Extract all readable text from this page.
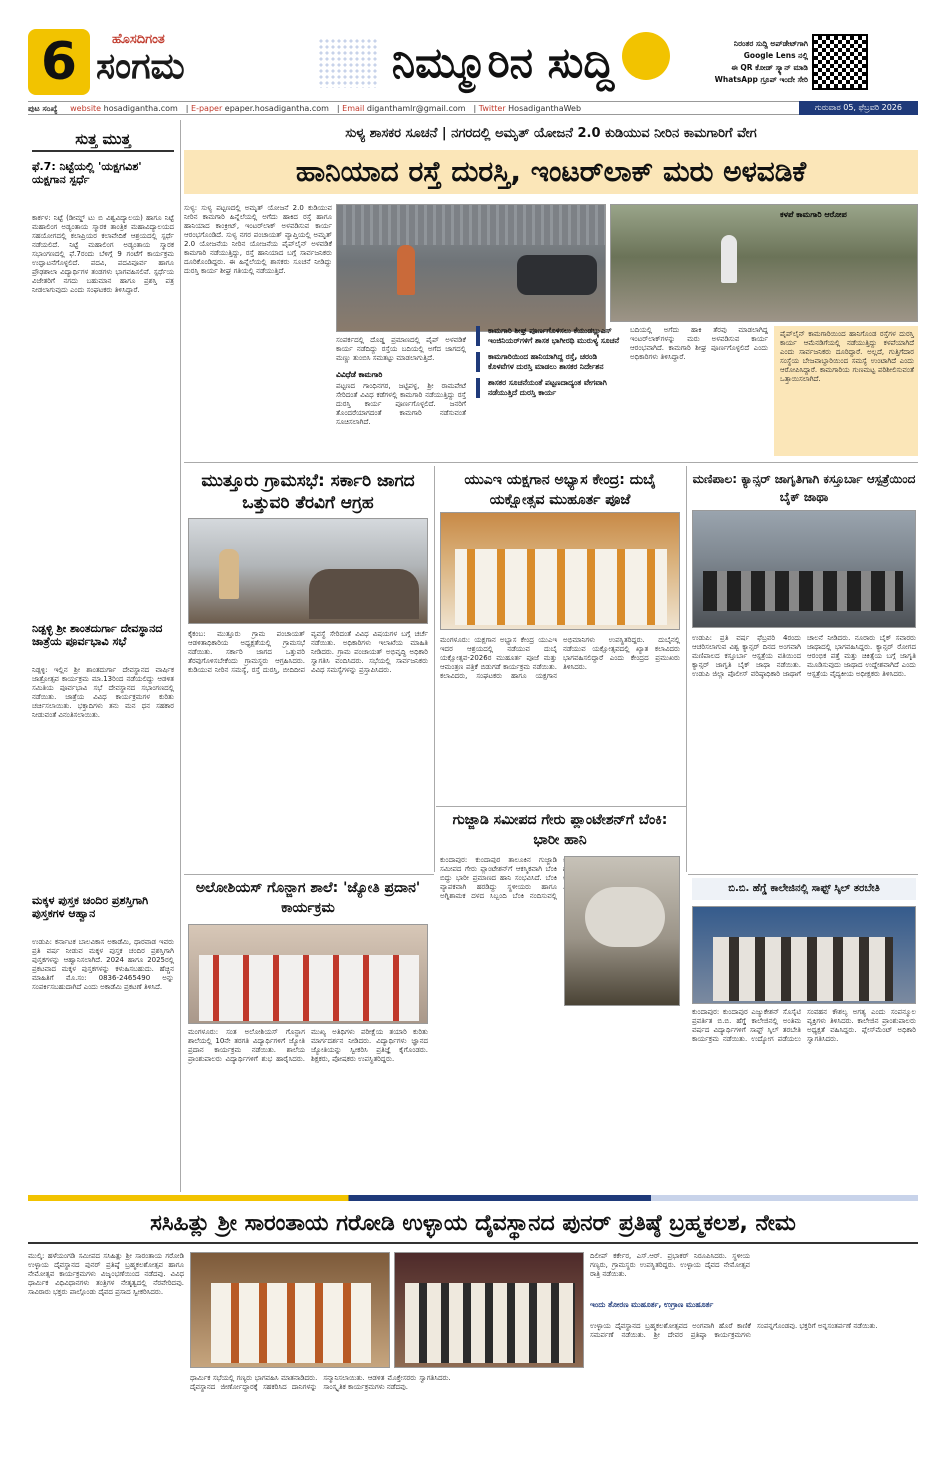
6	ಹೊಸದಿಗಂತ
ಸಂಗಮ	ನಿಮ್ಮೂರಿನ ಸುದ್ದಿ	ನಿರಂತರ ಸುದ್ದಿ ಅಪ್‌ಡೇಟ್‌ಗಾಗಿ
Google Lens ನಲ್ಲಿ
ಈ QR ಕೋಡ್ ಸ್ಕ್ಯಾನ್ ಮಾಡಿ
WhatsApp ಗ್ರೂಪ್ ಇಂದೇ ಸೇರಿ
ಪುಟ ಸಂಖ್ಯೆ website hosadigantha.com | E-paper epaper.hosadigantha.com | Email diganthamlr@gmail.com | Twitter HosadiganthaWeb	ಗುರುವಾರ 05, ಫೆಬ್ರವರಿ 2026
ಸುತ್ತ ಮುತ್ತ
ಫೆ.7: ನಿಟ್ಟೆಯಲ್ಲಿ 'ಯಕ್ಷಗವಿಶ' ಯಕ್ಷಗಾನ ಸ್ಪರ್ಧೆ
ಕಾರ್ಕಳ: ನಿಟ್ಟೆ (ಡೀಮ್ಡ್ ಟು ಬಿ ವಿಶ್ವವಿದ್ಯಾಲಯ) ಹಾಗೂ ನಿಟ್ಟೆ ಮಹಾಲಿಂಗ ಅಡ್ಯಂತಾಯ ಸ್ಮಾರಕ ತಾಂತ್ರಿಕ ಮಹಾವಿದ್ಯಾಲಯದ ಸಹಯೋಗದಲ್ಲಿ ಕಲಾಪ್ರಿಯರ ಕಲಾವೇದಿಕೆ ಆಶ್ರಯದಲ್ಲಿ ಸ್ಪರ್ಧೆ ನಡೆಯಲಿದೆ. ನಿಟ್ಟೆ ಮಹಾಲಿಂಗ ಅಡ್ಯಂತಾಯ ಸ್ಮಾರಕ ಸಭಾಂಗಣದಲ್ಲಿ ಫೆ.7ರಂದು ಬೆಳಿಗ್ಗೆ 9 ಗಂಟೆಗೆ ಕಾರ್ಯಕ್ರಮ ಉದ್ಘಾಟನೆಗೊಳ್ಳಲಿದೆ. ಪದವಿ, ಪದವಿಪೂರ್ವ ಹಾಗೂ ಪ್ರೌಢಶಾಲಾ ವಿದ್ಯಾರ್ಥಿಗಳ ತಂಡಗಳು ಭಾಗವಹಿಸಲಿವೆ. ಸ್ಪರ್ಧೆಯ ವಿಜೇತರಿಗೆ ನಗದು ಬಹುಮಾನ ಹಾಗೂ ಪ್ರಶಸ್ತಿ ಪತ್ರ ನೀಡಲಾಗುವುದು ಎಂದು ಸಂಘಟಕರು ತಿಳಿಸಿದ್ದಾರೆ.
ನಿಡ್ಪಳ್ಳಿ ಶ್ರೀ ಶಾಂತದುರ್ಗಾ ದೇವಸ್ಥಾನದ ಜಾತ್ರೆಯ ಪೂರ್ವಭಾವಿ ಸಭೆ
ನಿಡ್ಪಳ್ಳಿ: ಇಲ್ಲಿನ ಶ್ರೀ ಶಾಂತದುರ್ಗಾ ದೇವಸ್ಥಾನದ ವಾರ್ಷಿಕ ಜಾತ್ರೋತ್ಸವ ಕಾರ್ಯಕ್ರಮ ಮಾ.13ರಿಂದ ನಡೆಯಲಿದ್ದು ಆಡಳಿತ ಸಮಿತಿಯ ಪೂರ್ವಭಾವಿ ಸಭೆ ದೇವಸ್ಥಾನದ ಸಭಾಂಗಣದಲ್ಲಿ ನಡೆಯಿತು. ಜಾತ್ರೆಯ ವಿವಿಧ ಕಾರ್ಯಕ್ರಮಗಳ ಕುರಿತು ಚರ್ಚಿಸಲಾಯಿತು. ಭಕ್ತಾದಿಗಳು ತನು ಮನ ಧನ ಸಹಕಾರ ನೀಡುವಂತೆ ವಿನಂತಿಸಲಾಯಿತು.
ಮಕ್ಕಳ ಪುಸ್ತಕ ಚಂದಿರ ಪ್ರಶಸ್ತಿಗಾಗಿ ಪುಸ್ತಕಗಳ ಆಹ್ವಾನ
ಉಡುಪಿ: ಕರ್ನಾಟಕ ಬಾಲವಿಕಾಸ ಅಕಾಡೆಮಿ, ಧಾರವಾಡ ಇವರು ಪ್ರತಿ ವರ್ಷ ನೀಡುವ ಮಕ್ಕಳ ಪುಸ್ತಕ ಚಂದಿರ ಪ್ರಶಸ್ತಿಗಾಗಿ ಪುಸ್ತಕಗಳನ್ನು ಆಹ್ವಾನಿಸಲಾಗಿದೆ. 2024 ಹಾಗೂ 2025ರಲ್ಲಿ ಪ್ರಕಟವಾದ ಮಕ್ಕಳ ಪುಸ್ತಕಗಳನ್ನು ಕಳುಹಿಸಬಹುದು. ಹೆಚ್ಚಿನ ಮಾಹಿತಿಗೆ ಮೊ.ಸಂ: 0836-2465490 ಅನ್ನು ಸಂಪರ್ಕಿಸಬಹುದಾಗಿದೆ ಎಂದು ಅಕಾಡೆಮಿ ಪ್ರಕಟಣೆ ತಿಳಿಸಿದೆ.
ಸುಳ್ಯ ಶಾಸಕರ ಸೂಚನೆ | ನಗರದಲ್ಲಿ ಅಮೃತ್ ಯೋಜನೆ 2.0 ಕುಡಿಯುವ ನೀರಿನ ಕಾಮಗಾರಿಗೆ ವೇಗ
ಹಾನಿಯಾದ ರಸ್ತೆ ದುರಸ್ತಿ, ಇಂಟರ್‌ಲಾಕ್ ಮರು ಅಳವಡಿಕೆ
ಸುಳ್ಯ: ಸುಳ್ಯ ಪಟ್ಟಣದಲ್ಲಿ ಅಮೃತ್ ಯೋಜನೆ 2.0 ಕುಡಿಯುವ ನೀರಿನ ಕಾಮಗಾರಿ ಹಿನ್ನೆಲೆಯಲ್ಲಿ ಅಗೆದು ಹಾಕಿದ ರಸ್ತೆ ಹಾಗೂ ಹಾನಿಯಾದ ಕಾಂಕ್ರೀಟ್, ಇಂಟರ್‌ಲಾಕ್ ಅಳವಡಿಸುವ ಕಾರ್ಯ ಆರಂಭಗೊಂಡಿದೆ. ಸುಳ್ಯ ನಗರ ಪಂಚಾಯತ್ ವ್ಯಾಪ್ತಿಯಲ್ಲಿ ಅಮೃತ್ 2.0 ಯೋಜನೆಯ ನೀರಿನ ಯೋಜನೆಯ ಪೈಪ್‌ಲೈನ್ ಅಳವಡಿಕೆ ಕಾಮಗಾರಿ ನಡೆಯುತ್ತಿದ್ದು, ರಸ್ತೆ ಹಾನಿಯಾದ ಬಗ್ಗೆ ಸಾರ್ವಜನಿಕರು ದೂರಿಕೊಂಡಿದ್ದರು. ಈ ಹಿನ್ನೆಲೆಯಲ್ಲಿ ಶಾಸಕರು ಸೂಚನೆ ನೀಡಿದ್ದು ದುರಸ್ತಿ ಕಾರ್ಯ ಶೀಘ್ರ ಗತಿಯಲ್ಲಿ ನಡೆಯುತ್ತಿದೆ.
ಸಂಪರ್ಕದಲ್ಲಿ ದೊಡ್ಡ ಪ್ರಮಾಣದಲ್ಲಿ ಪೈಪ್ ಅಳವಡಿಕೆ ಕಾರ್ಯ ನಡೆದಿದ್ದು ರಸ್ತೆಯ ಬದಿಯಲ್ಲಿ ಅಗೆದ ಜಾಗದಲ್ಲಿ ಮಣ್ಣು ತುಂಬಿಸಿ ಸಮತಟ್ಟು ಮಾಡಲಾಗುತ್ತಿದೆ.
ವಿವಿಧೆಡೆ ಕಾಮಗಾರಿ
ಪಟ್ಟಣದ ಗಾಂಧಿನಗರ, ಜಟ್ಟಿಪಳ್ಳ, ಶ್ರೀ ರಾಮಪೇಟೆ ಸೇರಿದಂತೆ ವಿವಿಧ ಕಡೆಗಳಲ್ಲಿ ಕಾಮಗಾರಿ ನಡೆಯುತ್ತಿದ್ದು ರಸ್ತೆ ದುರಸ್ತಿ ಕಾರ್ಯ ಪೂರ್ಣಗೊಳ್ಳಲಿದೆ. ಜನರಿಗೆ ತೊಂದರೆಯಾಗದಂತೆ ಕಾಮಗಾರಿ ನಡೆಸುವಂತೆ ಸೂಚಿಸಲಾಗಿದೆ.
ಕಾಮಗಾರಿ ಶೀಘ್ರ ಪೂರ್ಣಗೊಳಿಸಲು ಕೆಯುಡಬ್ಲ್ಯುಎಸ್ ಇಂಜಿನಿಯರ್‌ಗಳಿಗೆ ಶಾಸಕ ಭಾಗೀರಥಿ ಮುರುಳ್ಯ ಸೂಚನೆ
ಕಾಮಗಾರಿಯಿಂದ ಹಾನಿಯಾಗಿದ್ದ ರಸ್ತೆ, ಚರಂಡಿ ಕೊಳವೆಗಳ ದುರಸ್ತಿ ಮಾಡಲು ಶಾಸಕರ ನಿರ್ದೇಶನ
ಶಾಸಕರ ಸೂಚನೆಯಂತೆ ಪಟ್ಟಣದಾದ್ಯಂತ ವೇಗವಾಗಿ ನಡೆಯುತ್ತಿದೆ ದುರಸ್ತಿ ಕಾರ್ಯ
ಬದಿಯಲ್ಲಿ ಅಗೆದು ಹಾಕಿ ತೆರವು ಮಾಡಲಾಗಿದ್ದ ಇಂಟರ್‌ಲಾಕ್‌ಗಳನ್ನು ಮರು ಅಳವಡಿಸುವ ಕಾರ್ಯ ಆರಂಭವಾಗಿದೆ. ಕಾಮಗಾರಿ ಶೀಘ್ರ ಪೂರ್ಣಗೊಳ್ಳಲಿದೆ ಎಂದು ಅಧಿಕಾರಿಗಳು ತಿಳಿಸಿದ್ದಾರೆ.
ಕಳಪೆ ಕಾಮಗಾರಿ ಆರೋಪ
ಪೈಪ್‌ಲೈನ್ ಕಾಮಗಾರಿಯಿಂದ ಹಾನಿಗೊಂಡ ರಸ್ತೆಗಳ ದುರಸ್ತಿ ಕಾರ್ಯ ಆಮೆನಡಿಗೆಯಲ್ಲಿ ನಡೆಯುತ್ತಿದ್ದು ಕಳಪೆಯಾಗಿದೆ ಎಂದು ಸಾರ್ವಜನಿಕರು ದೂರಿದ್ದಾರೆ. ಅಲ್ಲದೆ, ಗುತ್ತಿಗೆದಾರ ಸಂಸ್ಥೆಯ ಬೇಜವಾಬ್ದಾರಿಯಿಂದ ಸಮಸ್ಯೆ ಉಂಟಾಗಿದೆ ಎಂದು ಆರೋಪಿಸಿದ್ದಾರೆ. ಕಾಮಗಾರಿಯ ಗುಣಮಟ್ಟ ಪರಿಶೀಲಿಸುವಂತೆ ಒತ್ತಾಯಿಸಲಾಗಿದೆ.
ಮುತ್ತೂರು ಗ್ರಾಮಸಭೆ: ಸರ್ಕಾರಿ ಜಾಗದ ಒತ್ತುವರಿ ತೆರವಿಗೆ ಆಗ್ರಹ
ಕೈಕಂಬ: ಮುತ್ತೂರು ಗ್ರಾಮ ಪಂಚಾಯತ್ ಆಡಳಿತಾಧಿಕಾರಿಯ ಅಧ್ಯಕ್ಷತೆಯಲ್ಲಿ ಗ್ರಾಮಸಭೆ ನಡೆಯಿತು. ಸರ್ಕಾರಿ ಜಾಗದ ಒತ್ತುವರಿ ತೆರವುಗೊಳಿಸಬೇಕೆಂದು ಗ್ರಾಮಸ್ಥರು ಆಗ್ರಹಿಸಿದರು. ಕುಡಿಯುವ ನೀರಿನ ಸಮಸ್ಯೆ, ರಸ್ತೆ ದುರಸ್ತಿ, ಬೀದಿದೀಪ ವ್ಯವಸ್ಥೆ ಸೇರಿದಂತೆ ವಿವಿಧ ವಿಷಯಗಳ ಬಗ್ಗೆ ಚರ್ಚೆ ನಡೆಯಿತು. ಅಧಿಕಾರಿಗಳು ಇಲಾಖೆಯ ಮಾಹಿತಿ ನೀಡಿದರು. ಗ್ರಾಮ ಪಂಚಾಯತ್ ಅಭಿವೃದ್ಧಿ ಅಧಿಕಾರಿ ಸ್ವಾಗತಿಸಿ ವಂದಿಸಿದರು. ಸಭೆಯಲ್ಲಿ ಸಾರ್ವಜನಿಕರು ವಿವಿಧ ಸಮಸ್ಯೆಗಳನ್ನು ಪ್ರಸ್ತಾಪಿಸಿದರು.
ಯುಎಇ ಯಕ್ಷಗಾನ ಅಭ್ಯಾಸ ಕೇಂದ್ರ: ದುಬೈ ಯಕ್ಷೋತ್ಸವ ಮುಹೂರ್ತ ಪೂಜೆ
ಮಂಗಳೂರು: ಯಕ್ಷಗಾನ ಅಭ್ಯಾಸ ಕೇಂದ್ರ ಯುಎಇ ಇದರ ಆಶ್ರಯದಲ್ಲಿ ನಡೆಯುವ ದುಬೈ ಯಕ್ಷೋತ್ಸವ-2026ರ ಮುಹೂರ್ತ ಪೂಜೆ ಮತ್ತು ಆಮಂತ್ರಣ ಪತ್ರಿಕೆ ಬಿಡುಗಡೆ ಕಾರ್ಯಕ್ರಮ ನಡೆಯಿತು. ಕಲಾವಿದರು, ಸಂಘಟಕರು ಹಾಗೂ ಯಕ್ಷಗಾನ ಅಭಿಮಾನಿಗಳು ಉಪಸ್ಥಿತರಿದ್ದರು. ದುಬೈನಲ್ಲಿ ನಡೆಯುವ ಯಕ್ಷೋತ್ಸವದಲ್ಲಿ ಖ್ಯಾತ ಕಲಾವಿದರು ಭಾಗವಹಿಸಲಿದ್ದಾರೆ ಎಂದು ಕೇಂದ್ರದ ಪ್ರಮುಖರು ತಿಳಿಸಿದರು.
ಮಣಿಪಾಲ: ಕ್ಯಾನ್ಸರ್ ಜಾಗೃತಿಗಾಗಿ ಕಸ್ತೂರ್ಬಾ ಆಸ್ಪತ್ರೆಯಿಂದ ಬೈಕ್ ಜಾಥಾ
ಉಡುಪಿ: ಪ್ರತಿ ವರ್ಷ ಫೆಬ್ರವರಿ 4ರಂದು ಆಚರಿಸಲಾಗುವ ವಿಶ್ವ ಕ್ಯಾನ್ಸರ್ ದಿನದ ಅಂಗವಾಗಿ ಮಣಿಪಾಲದ ಕಸ್ತೂರ್ಬಾ ಆಸ್ಪತ್ರೆಯ ವತಿಯಿಂದ ಕ್ಯಾನ್ಸರ್ ಜಾಗೃತಿ ಬೈಕ್ ಜಾಥಾ ನಡೆಯಿತು. ಉಡುಪಿ ಜಿಲ್ಲಾ ಪೊಲೀಸ್ ವರಿಷ್ಠಾಧಿಕಾರಿ ಜಾಥಾಗೆ ಚಾಲನೆ ನೀಡಿದರು. ನೂರಾರು ಬೈಕ್ ಸವಾರರು ಜಾಥಾದಲ್ಲಿ ಭಾಗವಹಿಸಿದ್ದರು. ಕ್ಯಾನ್ಸರ್ ರೋಗದ ಆರಂಭಿಕ ಪತ್ತೆ ಮತ್ತು ಚಿಕಿತ್ಸೆಯ ಬಗ್ಗೆ ಜಾಗೃತಿ ಮೂಡಿಸುವುದು ಜಾಥಾದ ಉದ್ದೇಶವಾಗಿದೆ ಎಂದು ಆಸ್ಪತ್ರೆಯ ವೈದ್ಯಕೀಯ ಅಧೀಕ್ಷಕರು ತಿಳಿಸಿದರು.
ಗುಜ್ಜಾಡಿ ಸಮೀಪದ ಗೇರು ಪ್ಲಾಂಟೇಶನ್‌ಗೆ ಬೆಂಕಿ: ಭಾರೀ ಹಾನಿ
ಕುಂದಾಪುರ: ಕುಂದಾಪುರ ತಾಲೂಕಿನ ಗುಜ್ಜಾಡಿ ಸಮೀಪದ ಗೇರು ಪ್ಲಾಂಟೇಶನ್‌ಗೆ ಆಕಸ್ಮಿಕವಾಗಿ ಬೆಂಕಿ ಬಿದ್ದು ಭಾರೀ ಪ್ರಮಾಣದ ಹಾನಿ ಸಂಭವಿಸಿದೆ. ಬೆಂಕಿ ವ್ಯಾಪಕವಾಗಿ ಹರಡಿದ್ದು ಸ್ಥಳೀಯರು ಹಾಗೂ ಅಗ್ನಿಶಾಮಕ ದಳದ ಸಿಬ್ಬಂದಿ ಬೆಂಕಿ ನಂದಿಸುವಲ್ಲಿ
ಅಲೋಶಿಯಸ್ ಗೊನ್ಜಾಗ ಶಾಲೆ: 'ಜ್ಯೋತಿ ಪ್ರದಾನ' ಕಾರ್ಯಕ್ರಮ
ಮಂಗಳೂರು: ಸಂತ ಅಲೋಶಿಯಸ್ ಗೊನ್ಜಾಗ ಶಾಲೆಯಲ್ಲಿ 10ನೇ ತರಗತಿ ವಿದ್ಯಾರ್ಥಿಗಳಿಗೆ ಜ್ಯೋತಿ ಪ್ರದಾನ ಕಾರ್ಯಕ್ರಮ ನಡೆಯಿತು. ಶಾಲೆಯ ಪ್ರಾಂಶುಪಾಲರು ವಿದ್ಯಾರ್ಥಿಗಳಿಗೆ ಶುಭ ಹಾರೈಸಿದರು. ಮುಖ್ಯ ಅತಿಥಿಗಳು ಪರೀಕ್ಷೆಯ ತಯಾರಿ ಕುರಿತು ಮಾರ್ಗದರ್ಶನ ನೀಡಿದರು. ವಿದ್ಯಾರ್ಥಿಗಳು ಜ್ಞಾನದ ಜ್ಯೋತಿಯನ್ನು ಸ್ವೀಕರಿಸಿ ಪ್ರತಿಜ್ಞೆ ಕೈಗೊಂಡರು. ಶಿಕ್ಷಕರು, ಪೋಷಕರು ಉಪಸ್ಥಿತರಿದ್ದರು.
ಬಿ.ಬಿ. ಹೆಗ್ಡೆ ಕಾಲೇಜಿನಲ್ಲಿ ಸಾಫ್ಟ್ ಸ್ಕಿಲ್ ತರಬೇತಿ
ಕುಂದಾಪುರ: ಕುಂದಾಪುರ ಎಜ್ಯುಕೇಶನ್ ಸೊಸೈಟಿ ಪ್ರವರ್ತಿತ ಬಿ.ಬಿ. ಹೆಗ್ಡೆ ಕಾಲೇಜಿನಲ್ಲಿ ಅಂತಿಮ ವರ್ಷದ ವಿದ್ಯಾರ್ಥಿಗಳಿಗೆ ಸಾಫ್ಟ್ ಸ್ಕಿಲ್ ತರಬೇತಿ ಕಾರ್ಯಕ್ರಮ ನಡೆಯಿತು. ಉದ್ಯೋಗ ಪಡೆಯಲು ಸಂವಹನ ಕೌಶಲ್ಯ ಅಗತ್ಯ ಎಂದು ಸಂಪನ್ಮೂಲ ವ್ಯಕ್ತಿಗಳು ತಿಳಿಸಿದರು. ಕಾಲೇಜಿನ ಪ್ರಾಂಶುಪಾಲರು ಅಧ್ಯಕ್ಷತೆ ವಹಿಸಿದ್ದರು. ಪ್ಲೇಸ್‌ಮೆಂಟ್ ಅಧಿಕಾರಿ ಸ್ವಾಗತಿಸಿದರು.
ಸಸಿಹಿತ್ಲು ಶ್ರೀ ಸಾರಂತಾಯ ಗರೋಡಿ ಉಳ್ಳಾಯ ದೈವಸ್ಥಾನದ ಪುನರ್ ಪ್ರತಿಷ್ಠೆ ಬ್ರಹ್ಮಕಲಶ, ನೇಮ
ಮುಲ್ಕಿ: ಹಳೆಯಂಗಡಿ ಸಮೀಪದ ಸಸಿಹಿತ್ಲು ಶ್ರೀ ಸಾರಂತಾಯ ಗರೋಡಿ ಉಳ್ಳಾಯ ದೈವಸ್ಥಾನದ ಪುನರ್ ಪ್ರತಿಷ್ಠೆ ಬ್ರಹ್ಮಕಲಶೋತ್ಸವ ಹಾಗೂ ನೇಮೋತ್ಸವ ಕಾರ್ಯಕ್ರಮಗಳು ವಿಜೃಂಭಣೆಯಿಂದ ನಡೆದವು. ವಿವಿಧ ಧಾರ್ಮಿಕ ವಿಧಿವಿಧಾನಗಳು ತಂತ್ರಿಗಳ ನೇತೃತ್ವದಲ್ಲಿ ನೆರವೇರಿದವು. ಸಾವಿರಾರು ಭಕ್ತರು ಪಾಲ್ಗೊಂಡು ದೈವದ ಪ್ರಸಾದ ಸ್ವೀಕರಿಸಿದರು.
ಧಾರ್ಮಿಕ ಸಭೆಯಲ್ಲಿ ಗಣ್ಯರು ಭಾಗವಹಿಸಿ ಮಾತನಾಡಿದರು. ದೈವಸ್ಥಾನದ ಜೀರ್ಣೋದ್ಧಾರಕ್ಕೆ ಸಹಕರಿಸಿದ ದಾನಿಗಳನ್ನು ಸನ್ಮಾನಿಸಲಾಯಿತು. ಆಡಳಿತ ಮೊಕ್ತೇಸರರು ಸ್ವಾಗತಿಸಿದರು. ಸಾಂಸ್ಕೃತಿಕ ಕಾರ್ಯಕ್ರಮಗಳು ನಡೆದವು.
ದಿಲೀಪ್ ಕರ್ಕೇರ, ಎಸ್.ಆರ್. ಪ್ರಭಾಕರ್ ನಿರೂಪಿಸಿದರು. ಸ್ಥಳೀಯ ಗಣ್ಯರು, ಗ್ರಾಮಸ್ಥರು ಉಪಸ್ಥಿತರಿದ್ದರು. ಉಳ್ಳಾಯ ದೈವದ ನೇಮೋತ್ಸವ ರಾತ್ರಿ ನಡೆಯಿತು.
ಇಂದು ತೋರಣ ಮುಹೂರ್ತ, ಉಗ್ರಾಣ ಮುಹೂರ್ತ
ಉಳ್ಳಾಯ ದೈವಸ್ಥಾನದ ಬ್ರಹ್ಮಕಲಶೋತ್ಸವದ ಅಂಗವಾಗಿ ಹೊರೆ ಕಾಣಿಕೆ ಸಮರ್ಪಣೆ ನಡೆಯಿತು. ಶ್ರೀ ದೇವರ ಪ್ರತಿಷ್ಠಾ ಕಾರ್ಯಕ್ರಮಗಳು ಸಂಪನ್ನಗೊಂಡವು. ಭಕ್ತರಿಗೆ ಅನ್ನಸಂತರ್ಪಣೆ ನಡೆಯಿತು.
